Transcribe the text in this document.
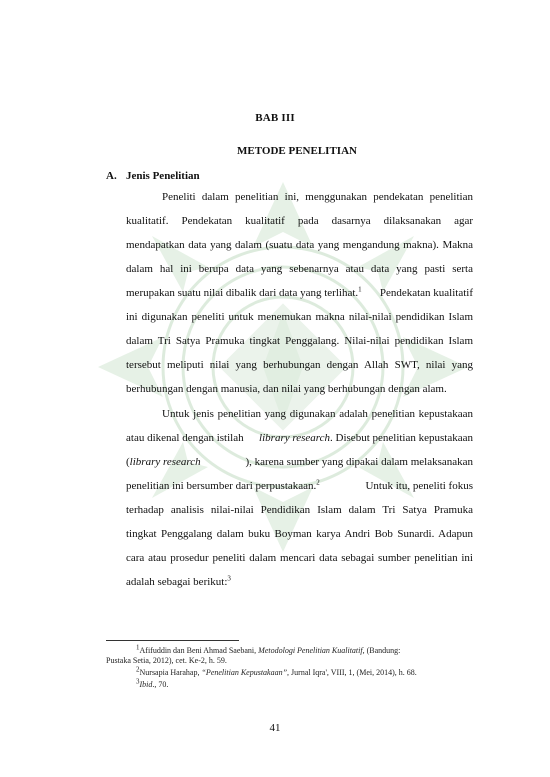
BAB III
METODE PENELITIAN
A. Jenis Penelitian
Peneliti dalam penelitian ini, menggunakan pendekatan penelitian
kualitatif. Pendekatan kualitatif pada dasarnya dilaksanakan agar
mendapatkan data yang dalam (suatu data yang mengandung makna). Makna
dalam hal ini berupa data yang sebenarnya atau data yang pasti serta
merupakan suatu nilai dibalik dari data yang terlihat.$^1$ Pendekatan kualitatif
ini digunakan peneliti untuk menemukan makna nilai-nilai pendidikan Islam
dalam Tri Satya Pramuka tingkat Penggalang. Nilai-nilai pendidikan Islam
tersebut meliputi nilai yang berhubungan dengan Allah SWT, nilai yang
berhubungan dengan manusia, dan nilai yang berhubungan dengan alam.
Untuk jenis penelitian yang digunakan adalah penelitian kepustakaan
atau dikenal dengan istilah library research. Disebut penelitian kepustakaan
(library research	), karena sumber yang dipakai dalam melaksanakan
penelitian ini bersumber dari perpustakaan.$^2$	Untuk itu, peneliti fokus
terhadap analisis nilai-nilai Pendidikan Islam dalam Tri Satya Pramuka
tingkat Penggalang dalam buku Boyman karya Andri Bob Sunardi. Adapun
cara atau prosedur peneliti dalam mencari data sebagai sumber penelitian ini
adalah sebagai berikut:$^3$
$^1$Afifuddin dan Beni Ahmad Saebani, Metodologi Penelitian Kualitatif, (Bandung:
Pustaka Setia, 2012), cet. Ke-2, h. 59.
$^2$Nursapia Harahap, “Penelitian Kepustakaan”, Jurnal Iqra', VIII, 1, (Mei, 2014), h. 68.
$^3$Ibid., 70.
41
